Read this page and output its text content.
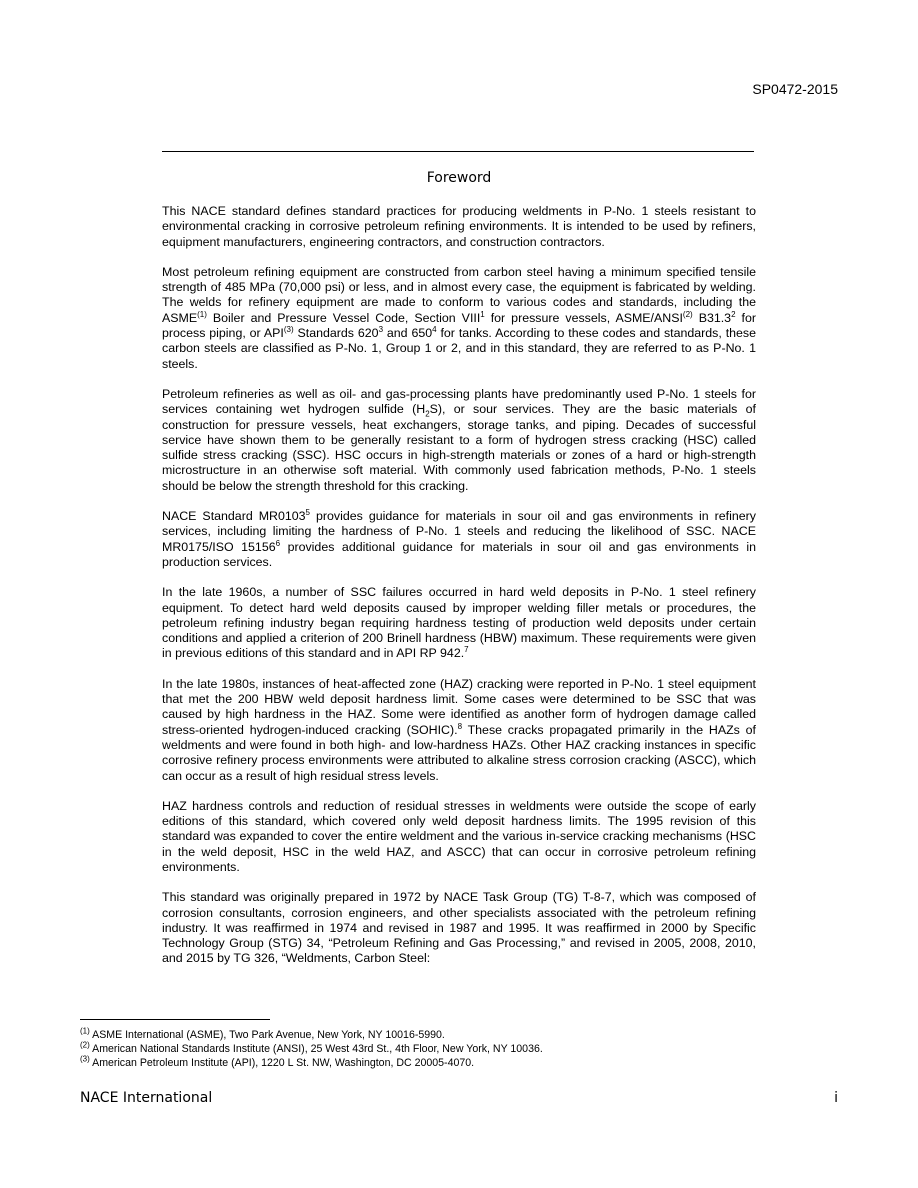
SP0472-2015
Foreword

This NACE standard defines standard practices for producing weldments in P-No. 1 steels resistant to environmental cracking in corrosive petroleum refining environments. It is intended to be used by refiners, equipment manufacturers, engineering contractors, and construction contractors.

Most petroleum refining equipment are constructed from carbon steel having a minimum specified tensile strength of 485 MPa (70,000 psi) or less, and in almost every case, the equipment is fabricated by welding. The welds for refinery equipment are made to conform to various codes and standards, including the ASME$^{(1)}$ Boiler and Pressure Vessel Code, Section VIII$^1$ for pressure vessels, ASME/ANSI$^{(2)}$ B31.3$^2$ for process piping, or API$^{(3)}$ Standards $620^3$ and $650^4$ for tanks. According to these codes and standards, these carbon steels are classified as P-No. 1, Group 1 or 2, and in this standard, they are referred to as P-No. 1 steels.

Petroleum refineries as well as oil- and gas-processing plants have predominantly used P-No. 1 steels for services containing wet hydrogen sulfide $(H_2S)$, or sour services. They are the basic materials of construction for pressure vessels, heat exchangers, storage tanks, and piping. Decades of successful service have shown them to be generally resistant to a form of hydrogen stress cracking (HSC) called sulfide stress cracking (SSC). HSC occurs in high-strength materials or zones of a hard or high-strength microstructure in an otherwise soft material. With commonly used fabrication methods, P-No. 1 steels should be below the strength threshold for this cracking.

NACE Standard MR0103$^5$ provides guidance for materials in sour oil and gas environments in refinery services, including limiting the hardness of P-No. 1 steels and reducing the likelihood of SSC. NACE MR0175/ISO 15156$^6$ provides additional guidance for materials in sour oil and gas environments in production services.

In the late 1960s, a number of SSC failures occurred in hard weld deposits in P-No. 1 steel refinery equipment. To detect hard weld deposits caused by improper welding filler metals or procedures, the petroleum refining industry began requiring hardness testing of production weld deposits under certain conditions and applied a criterion of 200 Brinell hardness (HBW) maximum. These requirements were given in previous editions of this standard and in API RP 942.$^7$

In the late 1980s, instances of heat-affected zone (HAZ) cracking were reported in P-No. 1 steel equipment that met the 200 HBW weld deposit hardness limit. Some cases were determined to be SSC that was caused by high hardness in the HAZ. Some were identified as another form of hydrogen damage called stress-oriented hydrogen-induced cracking (SOHIC).$^8$ These cracks propagated primarily in the HAZs of weldments and were found in both high- and low-hardness HAZs. Other HAZ cracking instances in specific corrosive refinery process environments were attributed to alkaline stress corrosion cracking (ASCC), which can occur as a result of high residual stress levels.

HAZ hardness controls and reduction of residual stresses in weldments were outside the scope of early editions of this standard, which covered only weld deposit hardness limits. The 1995 revision of this standard was expanded to cover the entire weldment and the various in-service cracking mechanisms (HSC in the weld deposit, HSC in the weld HAZ, and ASCC) that can occur in corrosive petroleum refining environments.

This standard was originally prepared in 1972 by NACE Task Group (TG) T-8-7, which was composed of corrosion consultants, corrosion engineers, and other specialists associated with the petroleum refining industry. It was reaffirmed in 1974 and revised in 1987 and 1995. It was reaffirmed in 2000 by Specific Technology Group (STG) 34, “Petroleum Refining and Gas Processing,” and revised in 2005, 2008, 2010, and 2015 by TG 326, “Weldments, Carbon Steel:

$^{(1)}$ ASME International (ASME), Two Park Avenue, New York, NY 10016-5990.
$^{(2)}$ American National Standards Institute (ANSI), 25 West 43rd St., 4th Floor, New York, NY 10036.
$^{(3)}$ American Petroleum Institute (API), 1220 L St. NW, Washington, DC 20005-4070.
NACE International	i
